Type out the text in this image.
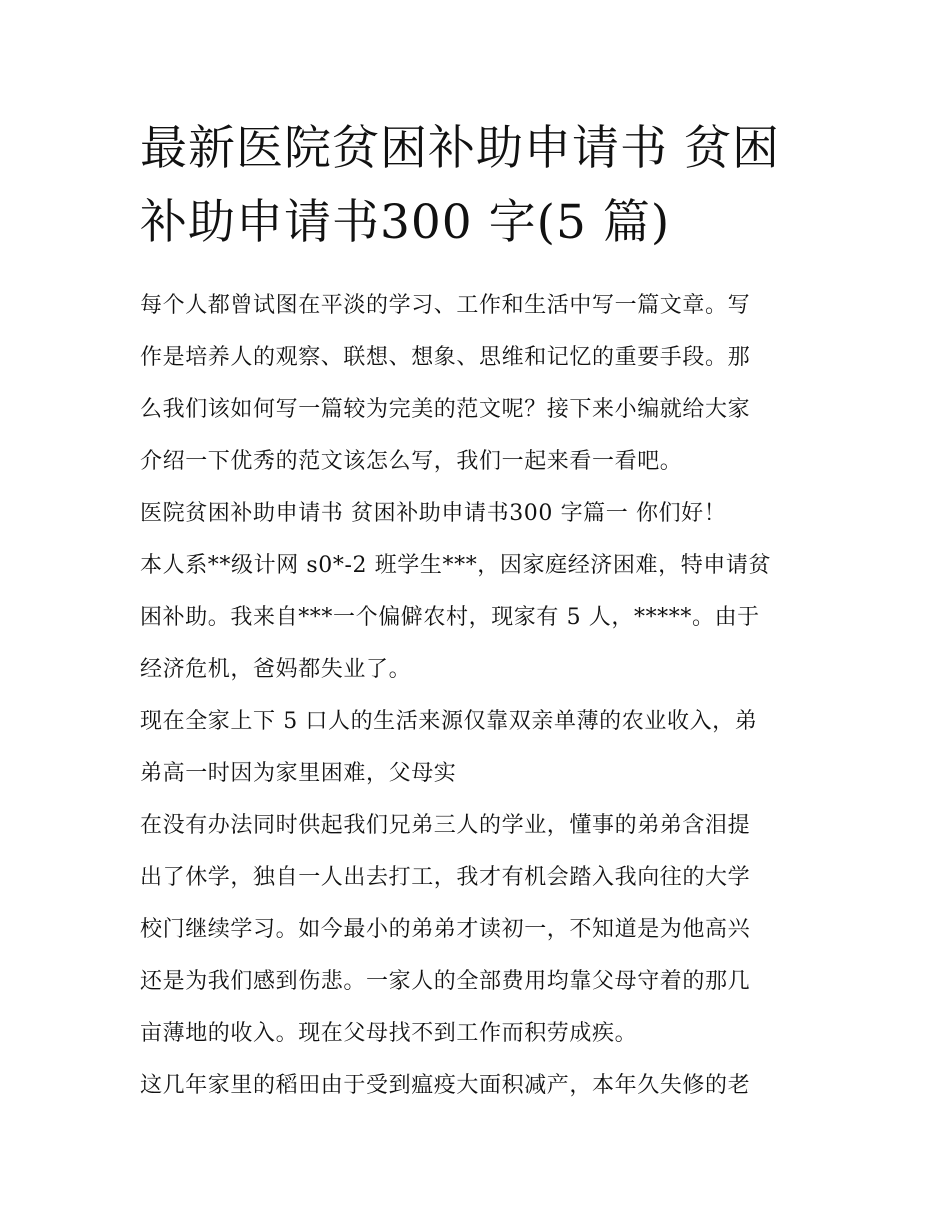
最新医院贫困补助申请书 贫困
补助申请书300 字(5 篇)
每个人都曾试图在平淡的学习、工作和生活中写一篇文章。写
作是培养人的观察、联想、想象、思维和记忆的重要手段。那
么我们该如何写一篇较为完美的范文呢？接下来小编就给大家
介绍一下优秀的范文该怎么写，我们一起来看一看吧。
医院贫困补助申请书 贫困补助申请书300 字篇一 你们好！
本人系**级计网 s0*-2 班学生***，因家庭经济困难，特申请贫
困补助。我来自***一个偏僻农村，现家有 5 人，*****。由于
经济危机，爸妈都失业了。
现在全家上下 5 口人的生活来源仅靠双亲单薄的农业收入，弟
弟高一时因为家里困难，父母实
在没有办法同时供起我们兄弟三人的学业，懂事的弟弟含泪提
出了休学，独自一人出去打工，我才有机会踏入我向往的大学
校门继续学习。如今最小的弟弟才读初一，不知道是为他高兴
还是为我们感到伤悲。一家人的全部费用均靠父母守着的那几
亩薄地的收入。现在父母找不到工作而积劳成疾。
这几年家里的稻田由于受到瘟疫大面积减产，本年久失修的老
